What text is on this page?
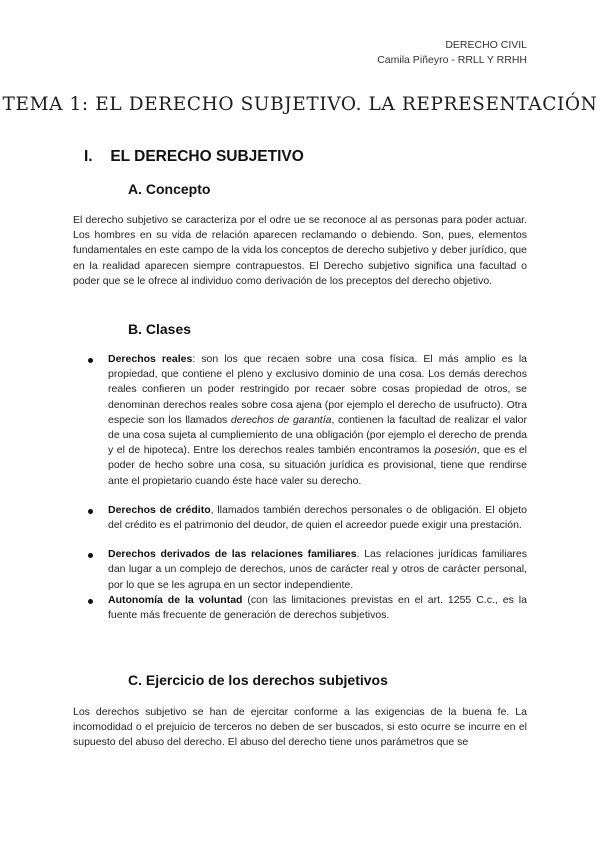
DERECHO CIVIL
Camila Piñeyro - RRLL Y RRHH
TEMA 1: EL DERECHO SUBJETIVO. LA REPRESENTACIÓN
I. EL DERECHO SUBJETIVO
A. Concepto

El derecho subjetivo se caracteriza por el odre ue se reconoce al as personas para poder actuar. Los hombres en su vida de relación aparecen reclamando o debiendo. Son, pues, elementos fundamentales en este campo de la vida los conceptos de derecho subjetivo y deber jurídico, que en la realidad aparecen siempre contrapuestos. El Derecho subjetivo significa una facultad o poder que se le ofrece al individuo como derivación de los preceptos del derecho objetivo.

B. Clases
Derechos reales: son los que recaen sobre una cosa física. El más amplio es la propiedad, que contiene el pleno y exclusivo dominio de una cosa. Los demás derechos reales confieren un poder restringido por recaer sobre cosas propiedad de otros, se denominan derechos reales sobre cosa ajena (por ejemplo el derecho de usufructo). Otra especie son los llamados derechos de garantía, contienen la facultad de realizar el valor de una cosa sujeta al cumpliemiento de una obligación (por ejemplo el derecho de prenda y el de hipoteca). Entre los derechos reales también encontramos la posesión, que es el poder de hecho sobre una cosa, su situación jurídica es provisional, tiene que rendirse ante el propietario cuando éste hace valer su derecho.
Derechos de crédito, llamados también derechos personales o de obligación. El objeto del crédito es el patrimonio del deudor, de quien el acreedor puede exigir una prestación.
Derechos derivados de las relaciones familiares. Las relaciones jurídicas familiares dan lugar a un complejo de derechos, unos de carácter real y otros de carácter personal, por lo que se les agrupa en un sector independiente.
Autonomía de la voluntad (con las limitaciones previstas en el art. 1255 C.c., es la fuente más frecuente de generación de derechos subjetivos.
C. Ejercicio de los derechos subjetivos

Los derechos subjetivo se han de ejercitar conforme a las exigencias de la buena fe. La incomodidad o el prejuicio de terceros no deben de ser buscados, si esto ocurre se incurre en el supuesto del abuso del derecho. El abuso del derecho tiene unos parámetros que se
